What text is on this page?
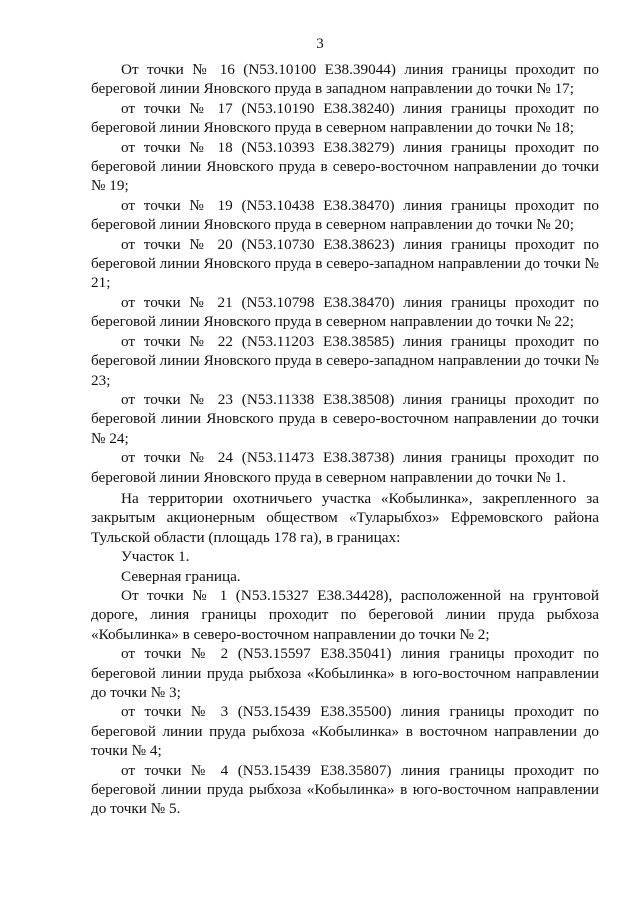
3

От точки № 16 (N53.10100 E38.39044) линия границы проходит по береговой линии Яновского пруда в западном направлении до точки № 17;

от точки № 17 (N53.10190 E38.38240) линия границы проходит по береговой линии Яновского пруда в северном направлении до точки № 18;

от точки № 18 (N53.10393 E38.38279) линия границы проходит по береговой линии Яновского пруда в северо-восточном направлении до точки № 19;

от точки № 19 (N53.10438 E38.38470) линия границы проходит по береговой линии Яновского пруда в северном направлении до точки № 20;

от точки № 20 (N53.10730 E38.38623) линия границы проходит по береговой линии Яновского пруда в северо-западном направлении до точки № 21;

от точки № 21 (N53.10798 E38.38470) линия границы проходит по береговой линии Яновского пруда в северном направлении до точки № 22;

от точки № 22 (N53.11203 E38.38585) линия границы проходит по береговой линии Яновского пруда в северо-западном направлении до точки № 23;

от точки № 23 (N53.11338 E38.38508) линия границы проходит по береговой линии Яновского пруда в северо-восточном направлении до точки № 24;

от точки № 24 (N53.11473 E38.38738) линия границы проходит по береговой линии Яновского пруда в северном направлении до точки № 1.

На территории охотничьего участка «Кобылинка», закрепленного за закрытым акционерным обществом «Туларыбхоз» Ефремовского района Тульской области (площадь 178 га), в границах:

Участок 1.

Северная граница.

От точки № 1 (N53.15327 E38.34428), расположенной на грунтовой дороге, линия границы проходит по береговой линии пруда рыбхоза «Кобылинка» в северо-восточном направлении до точки № 2;

от точки № 2 (N53.15597 E38.35041) линия границы проходит по береговой линии пруда рыбхоза «Кобылинка» в юго-восточном направлении до точки № 3;

от точки № 3 (N53.15439 E38.35500) линия границы проходит по береговой линии пруда рыбхоза «Кобылинка» в восточном направлении до точки № 4;

от точки № 4 (N53.15439 E38.35807) линия границы проходит по береговой линии пруда рыбхоза «Кобылинка» в юго-восточном направлении до точки № 5.
